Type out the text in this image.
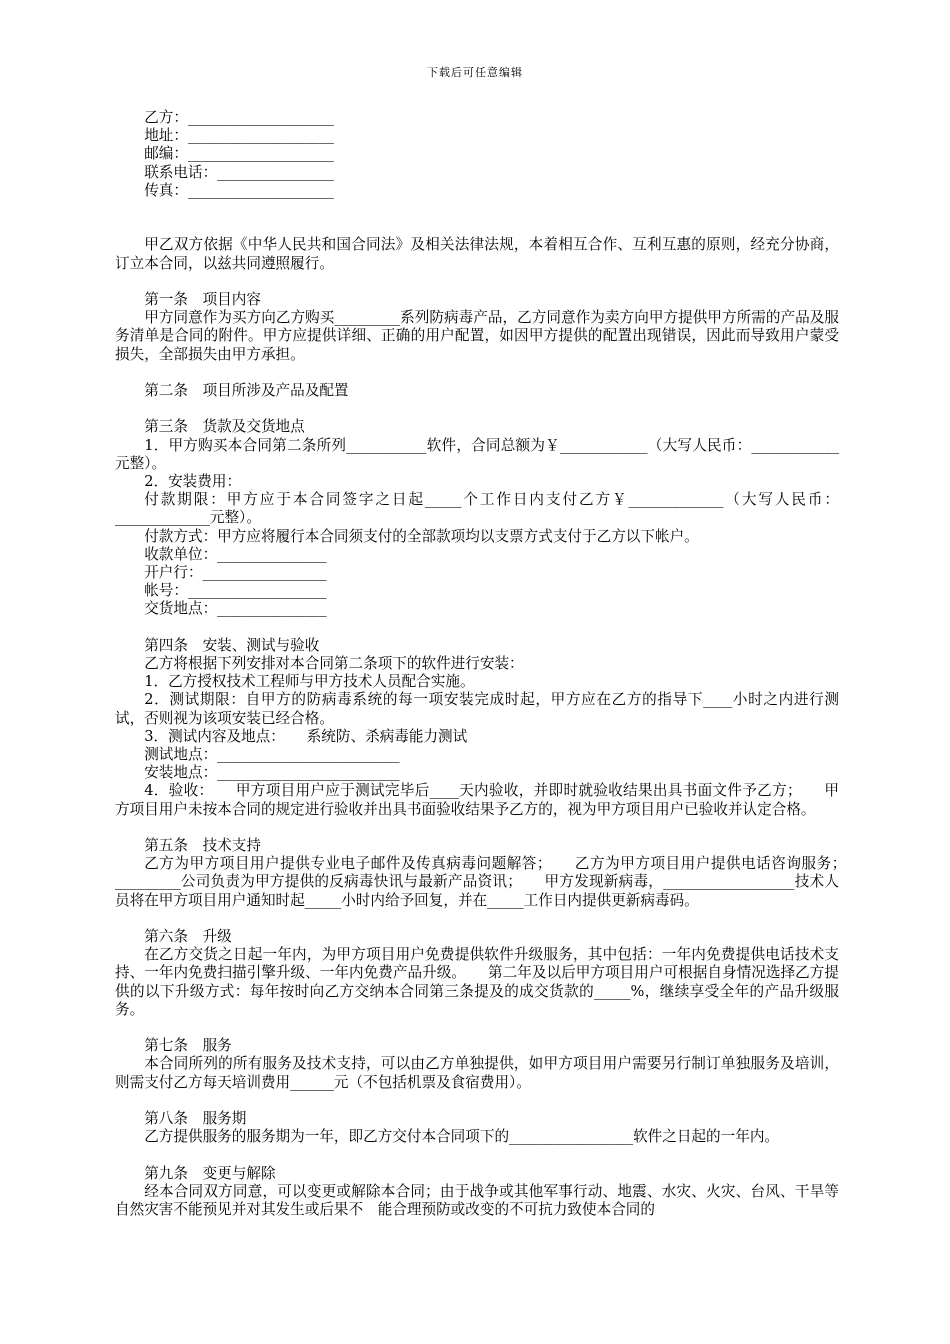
下载后可任意编辑

乙方：____________________

地址：____________________

邮编：____________________

联系电话：________________

传真：____________________

甲乙双方依据《中华人民共和国合同法》及相关法律法规，本着相互合作、互利互惠的原则，经充分协商，订立本合同，以兹共同遵照履行。

第一条　项目内容

甲方同意作为买方向乙方购买_________系列防病毒产品，乙方同意作为卖方向甲方提供甲方所需的产品及服务清单是合同的附件。甲方应提供详细、正确的用户配置，如因甲方提供的配置出现错误，因此而导致用户蒙受损失，全部损失由甲方承担。

第二条　项目所涉及产品及配置

第三条　货款及交货地点

1．甲方购买本合同第二条所列___________软件，合同总额为￥____________（大写人民币：____________元整）。

2．安装费用：

付款期限：甲方应于本合同签字之日起_____个工作日内支付乙方￥_____________（大写人民币：_____________元整）。

付款方式：甲方应将履行本合同须支付的全部款项均以支票方式支付于乙方以下帐户。

收款单位：_______________

开户行：_________________

帐号：___________________

交货地点：_______________

第四条　安装、测试与验收

乙方将根据下列安排对本合同第二条项下的软件进行安装：

1．乙方授权技术工程师与甲方技术人员配合实施。

2．测试期限：自甲方的防病毒系统的每一项安装完成时起，甲方应在乙方的指导下____小时之内进行测试，否则视为该项安装已经合格。

3．测试内容及地点：　　系统防、杀病毒能力测试

测试地点：_________________________

安装地点：_________________________

4．验收：　　甲方项目用户应于测试完毕后____天内验收，并即时就验收结果出具书面文件予乙方；　　甲方项目用户未按本合同的规定进行验收并出具书面验收结果予乙方的，视为甲方项目用户已验收并认定合格。

第五条　技术支持

乙方为甲方项目用户提供专业电子邮件及传真病毒问题解答；　　乙方为甲方项目用户提供电话咨询服务；　　_________公司负责为甲方提供的反病毒快讯与最新产品资讯；　　甲方发现新病毒，__________________技术人员将在甲方项目用户通知时起_____小时内给予回复，并在_____工作日内提供更新病毒码。

第六条　升级

在乙方交货之日起一年内，为甲方项目用户免费提供软件升级服务，其中包括：一年内免费提供电话技术支持、一年内免费扫描引擎升级、一年内免费产品升级。　　第二年及以后甲方项目用户可根据自身情况选择乙方提供的以下升级方式：每年按时向乙方交纳本合同第三条提及的成交货款的_____%，继续享受全年的产品升级服务。

第七条　服务

本合同所列的所有服务及技术支持，可以由乙方单独提供，如甲方项目用户需要另行制订单独服务及培训，则需支付乙方每天培训费用______元（不包括机票及食宿费用）。

第八条　服务期

乙方提供服务的服务期为一年，即乙方交付本合同项下的_________________软件之日起的一年内。

第九条　变更与解除

经本合同双方同意，可以变更或解除本合同；由于战争或其他军事行动、地震、水灾、火灾、台风、干旱等自然灾害不能预见并对其发生或后果不　能合理预防或改变的不可抗力致使本合同的
